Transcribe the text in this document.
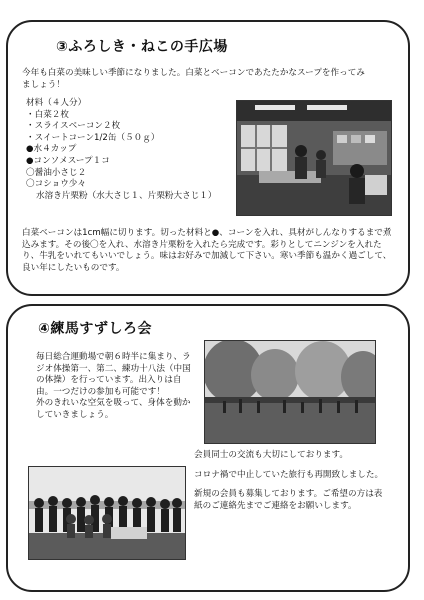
③ふろしき・ねこの手広場
今年も白菜の美味しい季節になりました。白菜とベーコンであたたかなスープを作ってみましょう！
材料（４人分）
・白菜２枚
・スライスベーコン２枚
・スイートコーン1/2缶（５０ｇ）
●水４カップ
●コンソメスープ１コ
〇醤油小さじ２
〇コショウ少々
水溶き片栗粉（水大さじ１、片栗粉大さじ１）
白菜ベーコンは1cm幅に切ります。切った材料と●、コーンを入れ、具材がしんなりするまで煮込みます。その後〇を入れ、水溶き片栗粉を入れたら完成です。彩りとしてニンジンを入れたり、牛乳をいれてもいいでしょう。味はお好みで加減して下さい。寒い季節も温かく過ごして、良い年にしたいものです。
④練馬すずしろ会
毎日総合運動場で朝６時半に集まり、ラジオ体操第一、第二、練功十八法（中国の体操）を行っています。出入りは自由。一つだけの参加も可能です！
外のきれいな空気を吸って、身体を動かしていきましょう。
会員同士の交流も大切にしております。
コロナ禍で中止していた旅行も再開致しました。
新規の会員も募集しております。ご希望の方は表紙のご連絡先までご連絡をお願いします。
